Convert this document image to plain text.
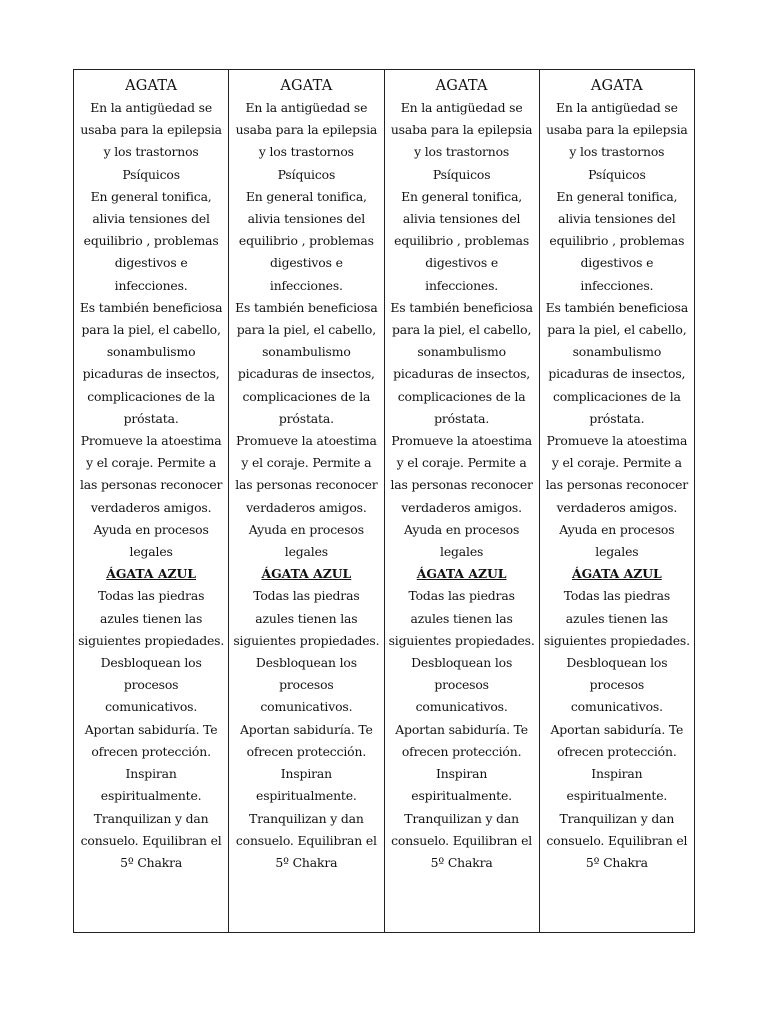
AGATA
En la antigüedad se
usaba para la epilepsia
y los trastornos
Psíquicos
En general tonifica,
alivia tensiones del
equilibrio , problemas
digestivos e
infecciones.
Es también beneficiosa
para la piel, el cabello,
sonambulismo
picaduras de insectos,
complicaciones de la
próstata.
Promueve la atoestima
y el coraje. Permite a
las personas reconocer
verdaderos amigos.
Ayuda en procesos
legales
ÁGATA AZUL
Todas las piedras
azules tienen las
siguientes propiedades.
Desbloquean los
procesos
comunicativos.
Aportan sabiduría. Te
ofrecen protección.
Inspiran
espiritualmente.
Tranquilizan y dan
consuelo. Equilibran el
5º Chakra
AGATA
En la antigüedad se
usaba para la epilepsia
y los trastornos
Psíquicos
En general tonifica,
alivia tensiones del
equilibrio , problemas
digestivos e
infecciones.
Es también beneficiosa
para la piel, el cabello,
sonambulismo
picaduras de insectos,
complicaciones de la
próstata.
Promueve la atoestima
y el coraje. Permite a
las personas reconocer
verdaderos amigos.
Ayuda en procesos
legales
ÁGATA AZUL
Todas las piedras
azules tienen las
siguientes propiedades.
Desbloquean los
procesos
comunicativos.
Aportan sabiduría. Te
ofrecen protección.
Inspiran
espiritualmente.
Tranquilizan y dan
consuelo. Equilibran el
5º Chakra
AGATA
En la antigüedad se
usaba para la epilepsia
y los trastornos
Psíquicos
En general tonifica,
alivia tensiones del
equilibrio , problemas
digestivos e
infecciones.
Es también beneficiosa
para la piel, el cabello,
sonambulismo
picaduras de insectos,
complicaciones de la
próstata.
Promueve la atoestima
y el coraje. Permite a
las personas reconocer
verdaderos amigos.
Ayuda en procesos
legales
ÁGATA AZUL
Todas las piedras
azules tienen las
siguientes propiedades.
Desbloquean los
procesos
comunicativos.
Aportan sabiduría. Te
ofrecen protección.
Inspiran
espiritualmente.
Tranquilizan y dan
consuelo. Equilibran el
5º Chakra
AGATA
En la antigüedad se
usaba para la epilepsia
y los trastornos
Psíquicos
En general tonifica,
alivia tensiones del
equilibrio , problemas
digestivos e
infecciones.
Es también beneficiosa
para la piel, el cabello,
sonambulismo
picaduras de insectos,
complicaciones de la
próstata.
Promueve la atoestima
y el coraje. Permite a
las personas reconocer
verdaderos amigos.
Ayuda en procesos
legales
ÁGATA AZUL
Todas las piedras
azules tienen las
siguientes propiedades.
Desbloquean los
procesos
comunicativos.
Aportan sabiduría. Te
ofrecen protección.
Inspiran
espiritualmente.
Tranquilizan y dan
consuelo. Equilibran el
5º Chakra
